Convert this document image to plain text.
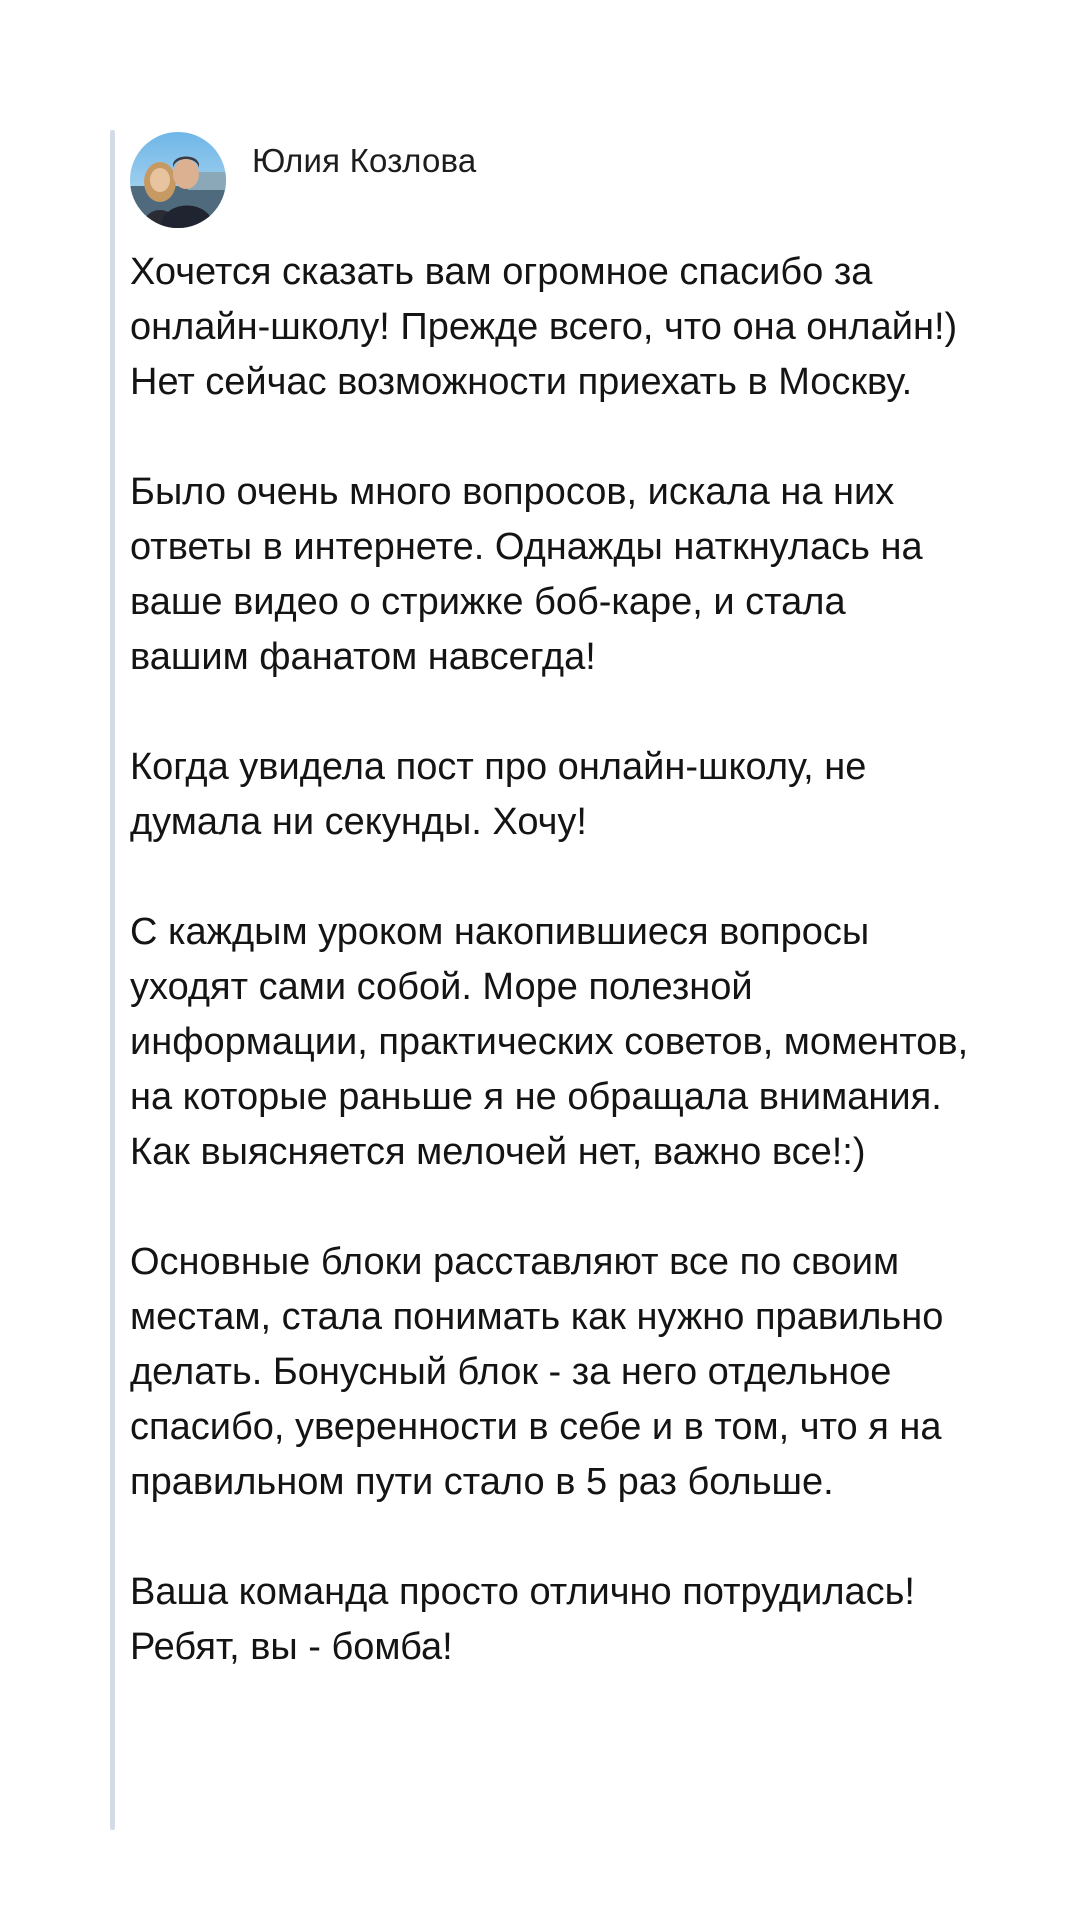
Юлия Козлова

Хочется сказать вам огромное спасибо за онлайн-школу! Прежде всего, что она онлайн!) Нет сейчас возможности приехать в Москву.

Было очень много вопросов, искала на них ответы в интернете. Однажды наткнулась на ваше видео о стрижке боб-каре, и стала вашим фанатом навсегда!

Когда увидела пост про онлайн-школу, не думала ни секунды. Хочу!

С каждым уроком накопившиеся вопросы уходят сами собой. Море полезной информации, практических советов, моментов, на которые раньше я не обращала внимания. Как выясняется мелочей нет, важно все!:)

Основные блоки расставляют все по своим местам, стала понимать как нужно правильно делать. Бонусный блок - за него отдельное спасибо, уверенности в себе и в том, что я на правильном пути стало в 5 раз больше.

Ваша команда просто отлично потрудилась! Ребят, вы - бомба!
